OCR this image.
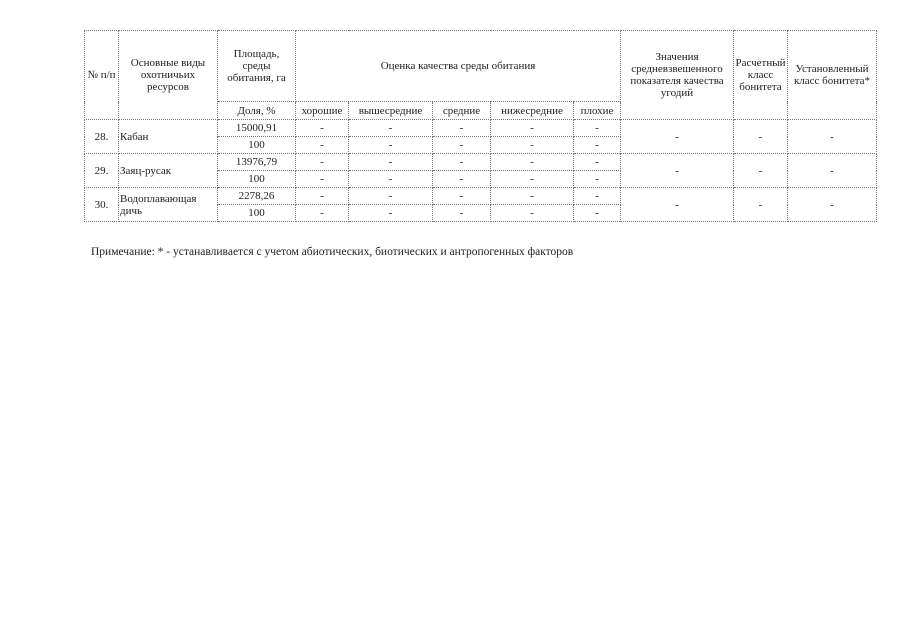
№ п/п	Основные виды охотничьих ресурсов	Площадь, среды обитания, га	Оценка качества среды обитания					Значения средневзвешенного показателя качества угодий	Расчетный класс бонитета	Установленный класс бонитета*
		Доля, %	хорошие	вышесредние	средние	нижесредние	плохие			
28.	Кабан	15000,91	-	-	-	-	-	-	-	-
		100	-	-	-	-	-			
29.	Заяц-русак	13976,79	-	-	-	-	-	-	-	-
		100	-	-	-	-	-			
30.	Водоплавающая дичь	2278,26	-	-	-	-	-	-	-	-
		100	-	-	-	-	-			
Примечание: * - устанавливается с учетом абиотических, биотических и антропогенных факторов
